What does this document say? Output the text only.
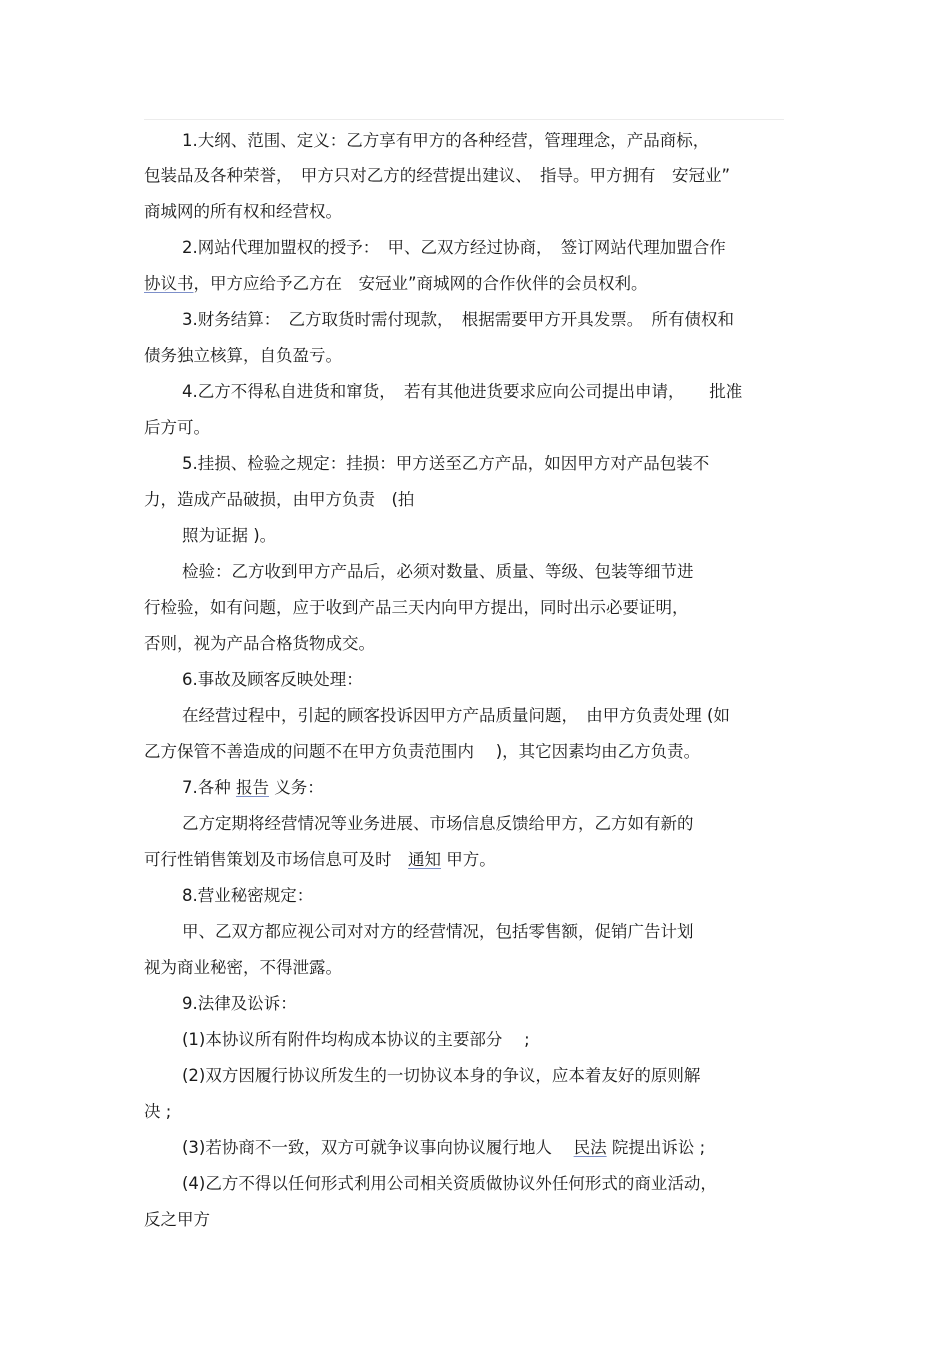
1.大纲、范围、定义：乙方享有甲方的各种经营，管理理念，产品商标，
包装品及各种荣誉，　甲方只对乙方的经营提出建议、　指导。甲方拥有　安冠业”
商城网的所有权和经营权。
2.网站代理加盟权的授予：　甲、乙双方经过协商，　签订网站代理加盟合作
协议书，甲方应给予乙方在　安冠业”商城网的合作伙伴的会员权利。
3.财务结算：　乙方取货时需付现款，　根据需要甲方开具发票。　所有债权和
债务独立核算，自负盈亏。
4.乙方不得私自进货和窜货，　若有其他进货要求应向公司提出申请，　　批准
后方可。
5.挂损、检验之规定：挂损：甲方送至乙方产品，如因甲方对产品包装不
力，造成产品破损，由甲方负责　(拍
照为证据 )。
检验：乙方收到甲方产品后，必须对数量、质量、等级、包装等细节进
行检验，如有问题，应于收到产品三天内向甲方提出，同时出示必要证明，
否则，视为产品合格货物成交。
6.事故及顾客反映处理：
在经营过程中，引起的顾客投诉因甲方产品质量问题，　由甲方负责处理 (如
乙方保管不善造成的问题不在甲方负责范围内　 )，其它因素均由乙方负责。
7.各种 报告 义务：
乙方定期将经营情况等业务进展、市场信息反馈给甲方，乙方如有新的
可行性销售策划及市场信息可及时　通知 甲方。
8.营业秘密规定：
甲、乙双方都应视公司对对方的经营情况，包括零售额，促销广告计划
视为商业秘密，不得泄露。
9.法律及讼诉：
(1)本协议所有附件均构成本协议的主要部分　 ;
(2)双方因履行协议所发生的一切协议本身的争议，应本着友好的原则解
决 ;
(3)若协商不一致，双方可就争议事向协议履行地人　 民法 院提出诉讼 ;
(4)乙方不得以任何形式利用公司相关资质做协议外任何形式的商业活动，
反之甲方
